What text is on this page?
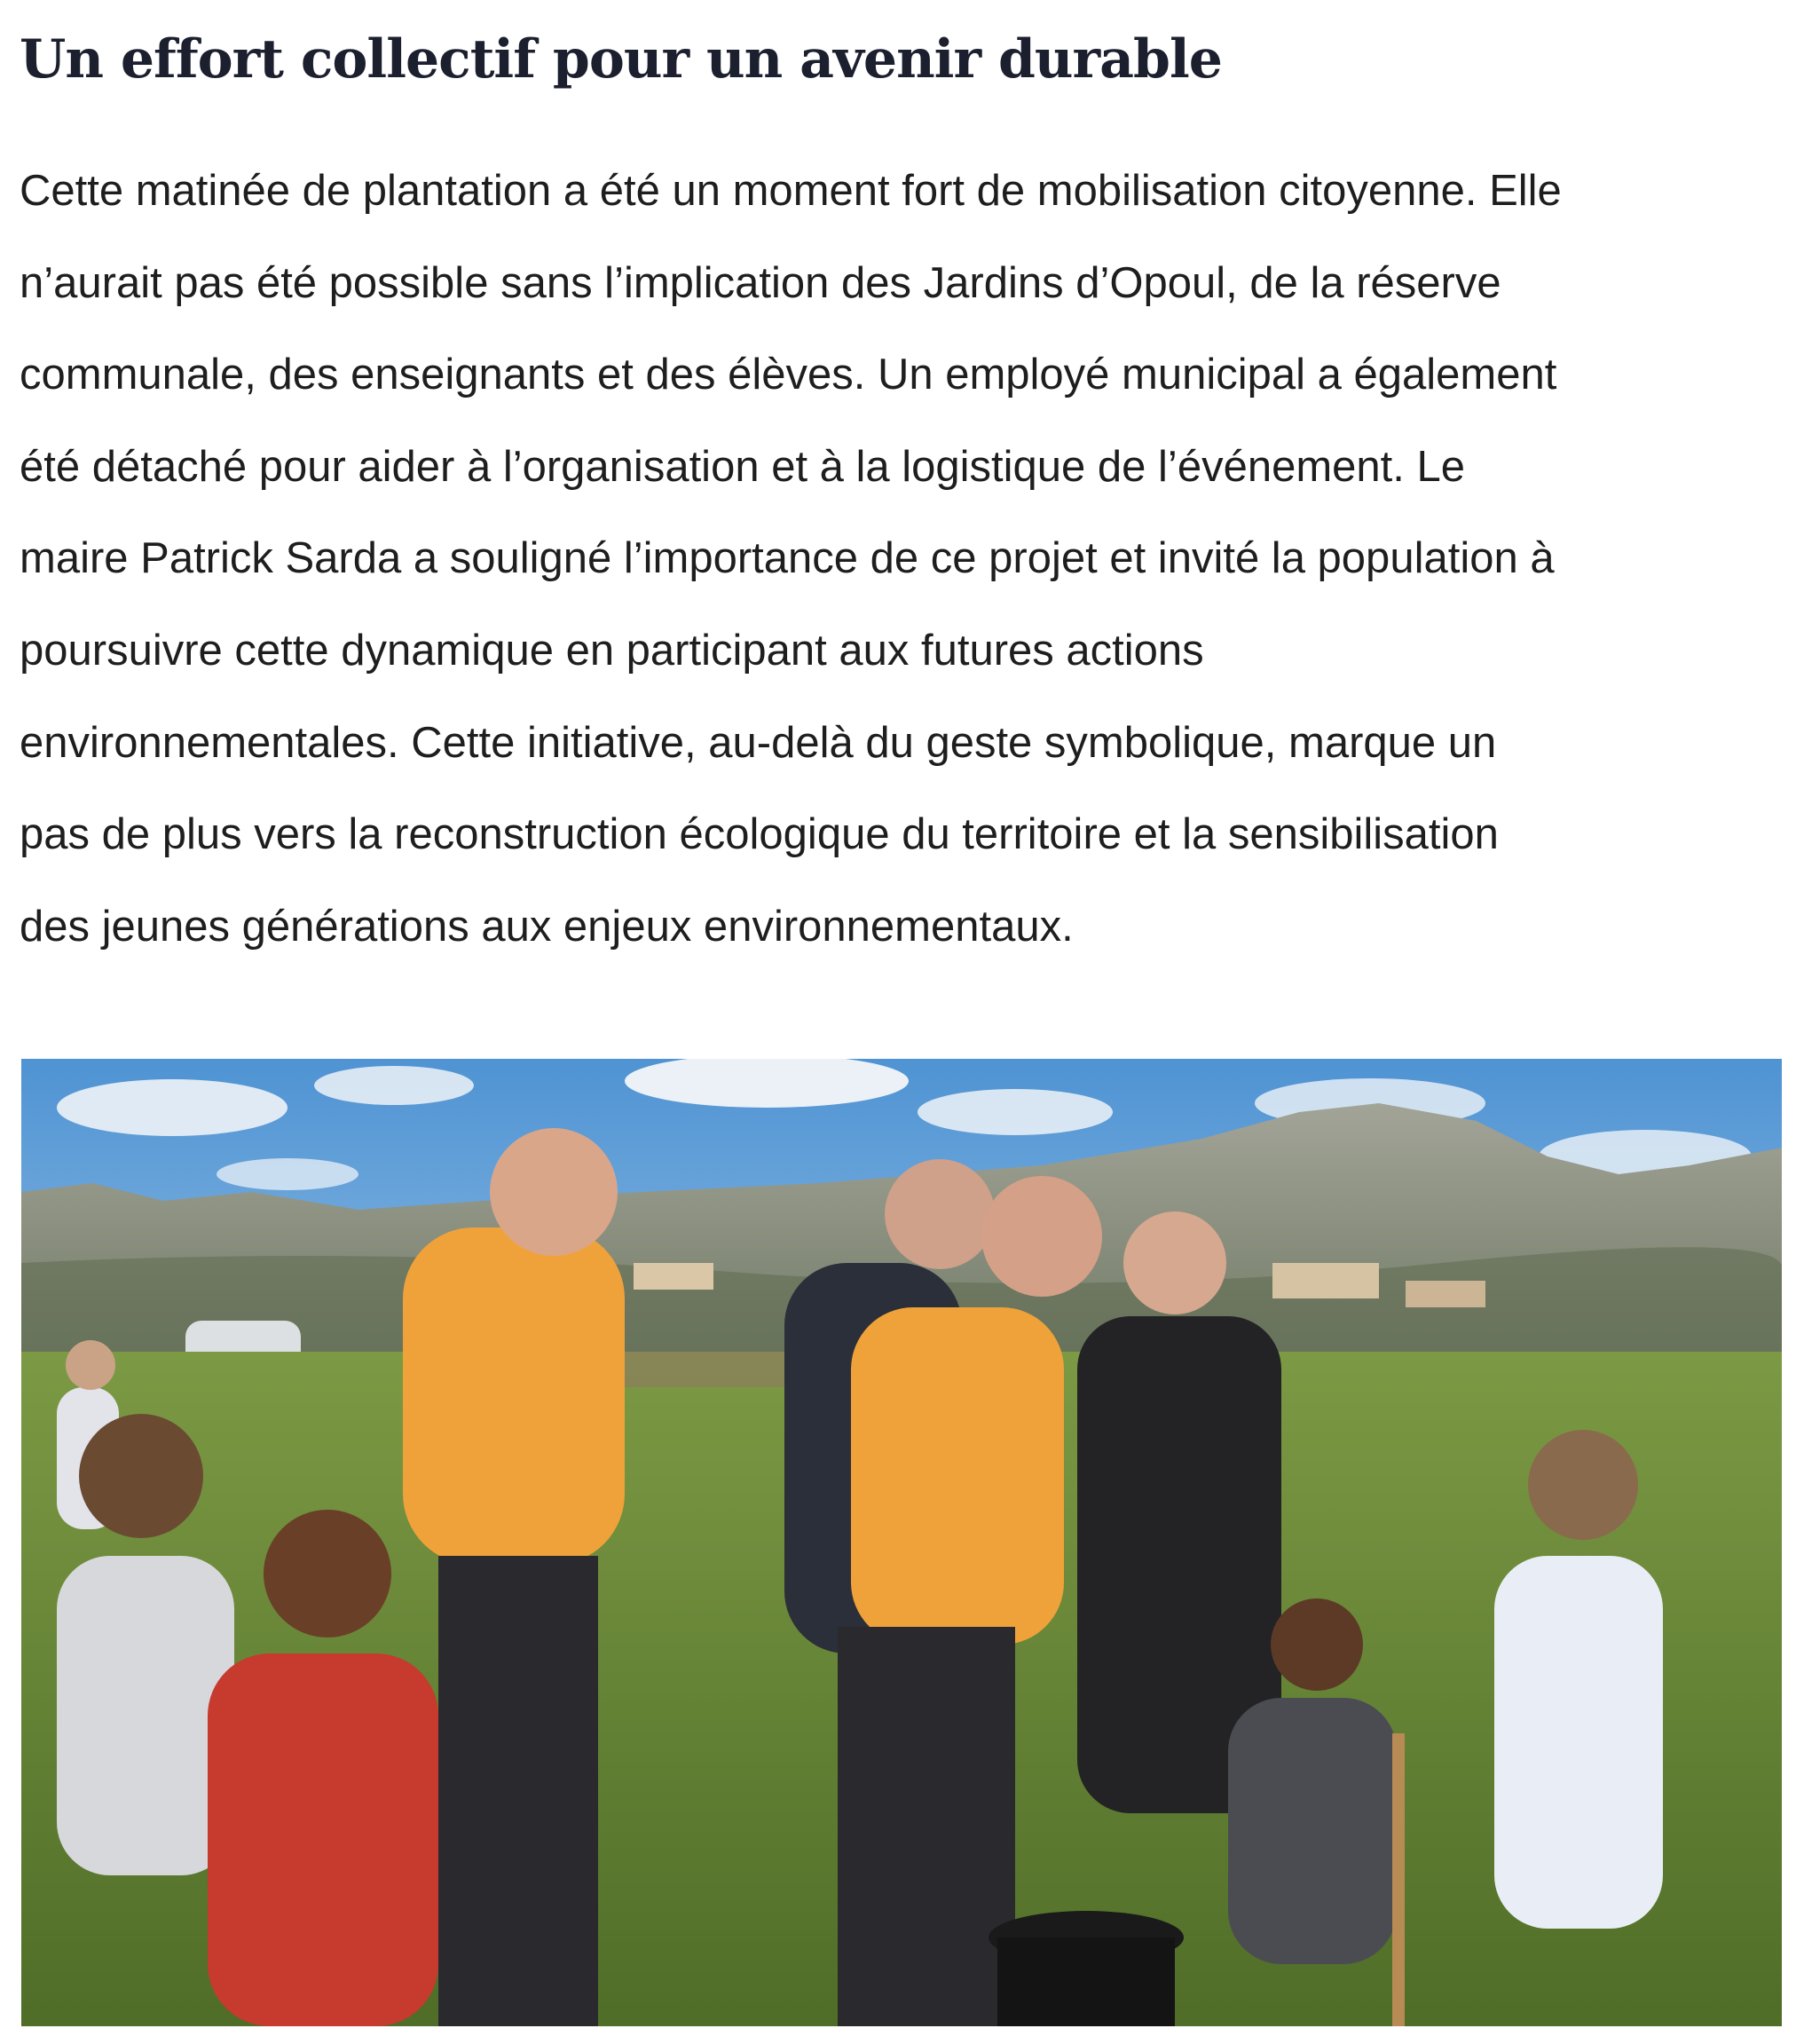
Un effort collectif pour un avenir durable
Cette matinée de plantation a été un moment fort de mobilisation citoyenne. Elle
n’aurait pas été possible sans l’implication des Jardins d’Opoul, de la réserve
communale, des enseignants et des élèves. Un employé municipal a également
été détaché pour aider à l’organisation et à la logistique de l’événement. Le
maire Patrick Sarda a souligné l’importance de ce projet et invité la population à
poursuivre cette dynamique en participant aux futures actions
environnementales. Cette initiative, au-delà du geste symbolique, marque un
pas de plus vers la reconstruction écologique du territoire et la sensibilisation
des jeunes générations aux enjeux environnementaux.
